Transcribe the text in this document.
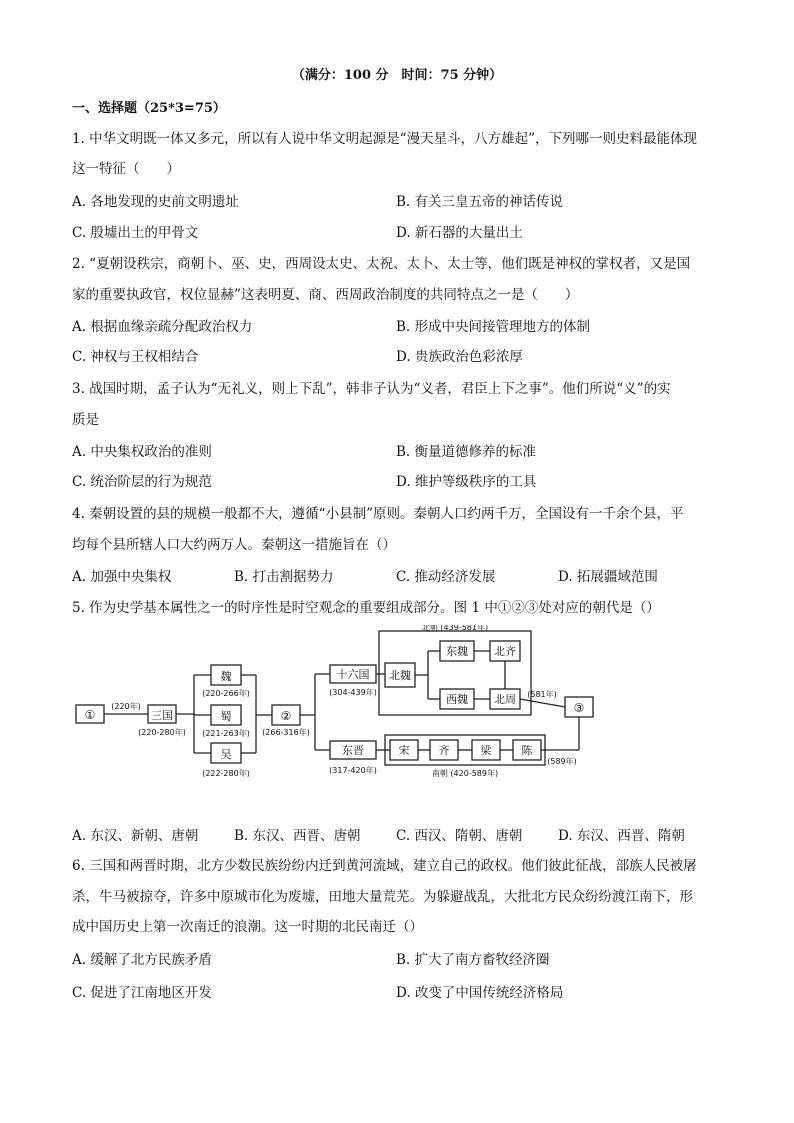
（满分：100 分　时间：75 分钟）
一、选择题（25*3=75）
1. 中华文明既一体又多元，所以有人说中华文明起源是“漫天星斗，八方雄起”，下列哪一则史料最能体现
这一特征（　　）
A. 各地发现的史前文明遗址	B. 有关三皇五帝的神话传说
C. 殷墟出土的甲骨文	D. 新石器的大量出土
2. “夏朝设秩宗，商朝卜、巫、史，西周设太史、太祝、太卜、太士等，他们既是神权的掌权者，又是国
家的重要执政官，权位显赫”这表明夏、商、西周政治制度的共同特点之一是（　　）
A. 根据血缘亲疏分配政治权力	B. 形成中央间接管理地方的体制
C. 神权与王权相结合	D. 贵族政治色彩浓厚
3. 战国时期，孟子认为“无礼义，则上下乱”，韩非子认为“义者，君臣上下之事”。他们所说“义”的实
质是
A. 中央集权政治的准则	B. 衡量道德修养的标准
C. 统治阶层的行为规范	D. 维护等级秩序的工具
4. 秦朝设置的县的规模一般都不大，遵循“小县制”原则。秦朝人口约两千万，全国设有一千余个县，平
均每个县所辖人口大约两万人。秦朝这一措施旨在（）
A. 加强中央集权	B. 打击割据势力	C. 推动经济发展	D. 拓展疆域范围
5. 作为史学基本属性之一的时序性是时空观念的重要组成部分。图 1 中①②③处对应的朝代是（）
①	三国
魏
蜀
吴
②
十六国 北魏
东魏 北齐
西魏 北周
③
东晋	宋	齐	梁	陈
(220年)
(220-280年)
(220-266年)
(221-263年)
(222-280年)
(266-316年)
(304-439年)
北朝 (439-581年)
(581年)
(317-420年)	南朝 (420-589年)
(589年)
A. 东汉、新朝、唐朝	B. 东汉、西晋、唐朝	C. 西汉、隋朝、唐朝	D. 东汉、西晋、隋朝
6. 三国和两晋时期，北方少数民族纷纷内迁到黄河流域，建立自己的政权。他们彼此征战，部族人民被屠
杀，牛马被掠夺，许多中原城市化为废墟，田地大量荒芜。为躲避战乱，大批北方民众纷纷渡江南下，形
成中国历史上第一次南迁的浪潮。这一时期的北民南迁（）
A. 缓解了北方民族矛盾	B. 扩大了南方畜牧经济圈
C. 促进了江南地区开发	D. 改变了中国传统经济格局
